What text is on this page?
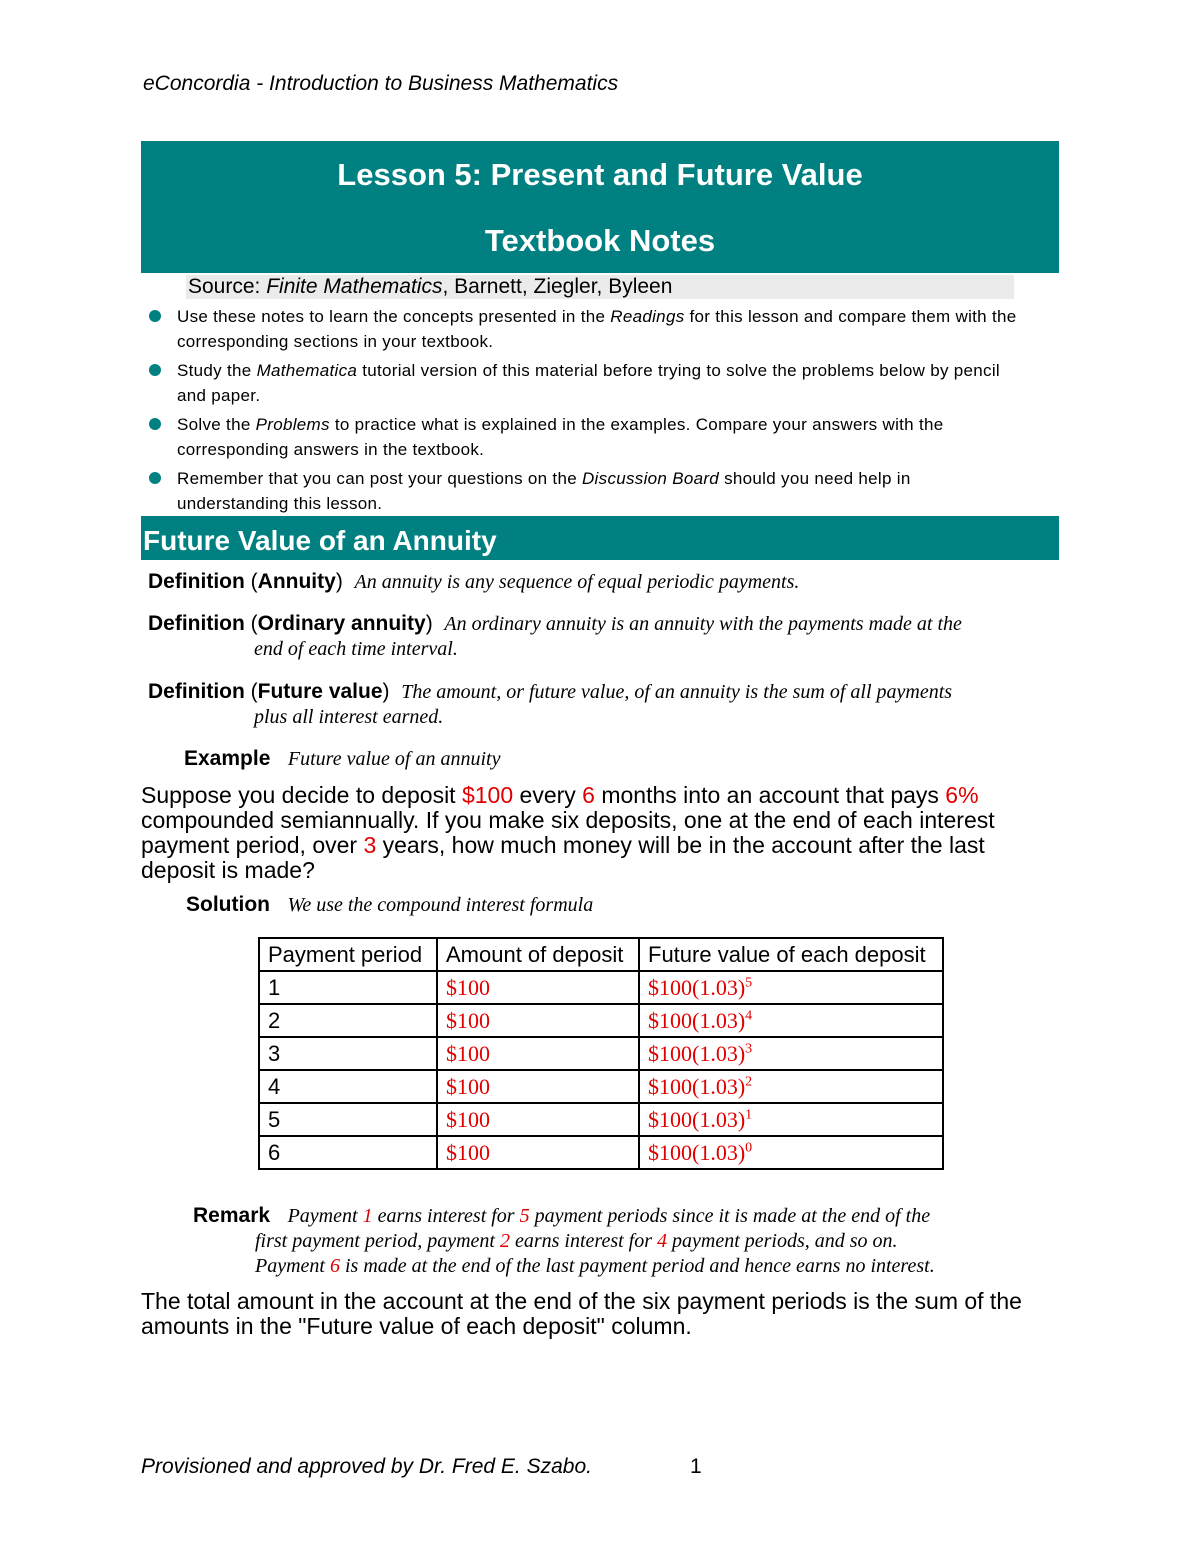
eConcordia - Introduction to Business Mathematics
Lesson 5: Present and Future Value
Textbook Notes
Source: Finite Mathematics, Barnett, Ziegler, Byleen
Use these notes to learn the concepts presented in the Readings for this lesson and compare them with the corresponding sections in your textbook.
Study the Mathematica tutorial version of this material before trying to solve the problems below by pencil and paper.
Solve the Problems to practice what is explained in the examples. Compare your answers with the corresponding answers in the textbook.
Remember that you can post your questions on the Discussion Board should you need help in understanding this lesson.
Future Value of an Annuity
Definition (Annuity)  An annuity is any sequence of equal periodic payments.
Definition (Ordinary annuity)  An ordinary annuity is an annuity with the payments made at the
end of each time interval.
Definition (Future value)  The amount, or future value, of an annuity is the sum of all payments
plus all interest earned.
Example Future value of an annuity
Suppose you decide to deposit $100 every 6 months into an account that pays 6% compounded semiannually. If you make six deposits, one at the end of each interest payment period, over 3 years, how much money will be in the account after the last deposit is made?
Solution We use the compound interest formula
Payment period	Amount of deposit	Future value of each deposit
1	$100	$\$100(1.03)^5$
2	$100	$\$100(1.03)^4$
3	$100	$\$100(1.03)^3$
4	$100	$\$100(1.03)^2$
5	$100	$\$100(1.03)^1$
6	$100	$\$100(1.03)^0$
Remark Payment 1 earns interest for 5 payment periods since it is made at the end of the
first payment period, payment 2 earns interest for 4 payment periods, and so on.
Payment 6 is made at the end of the last payment period and hence earns no interest.
The total amount in the account at the end of the six payment periods is the sum of the amounts in the "Future value of each deposit" column.
Provisioned and approved by Dr. Fred E. Szabo.	1
